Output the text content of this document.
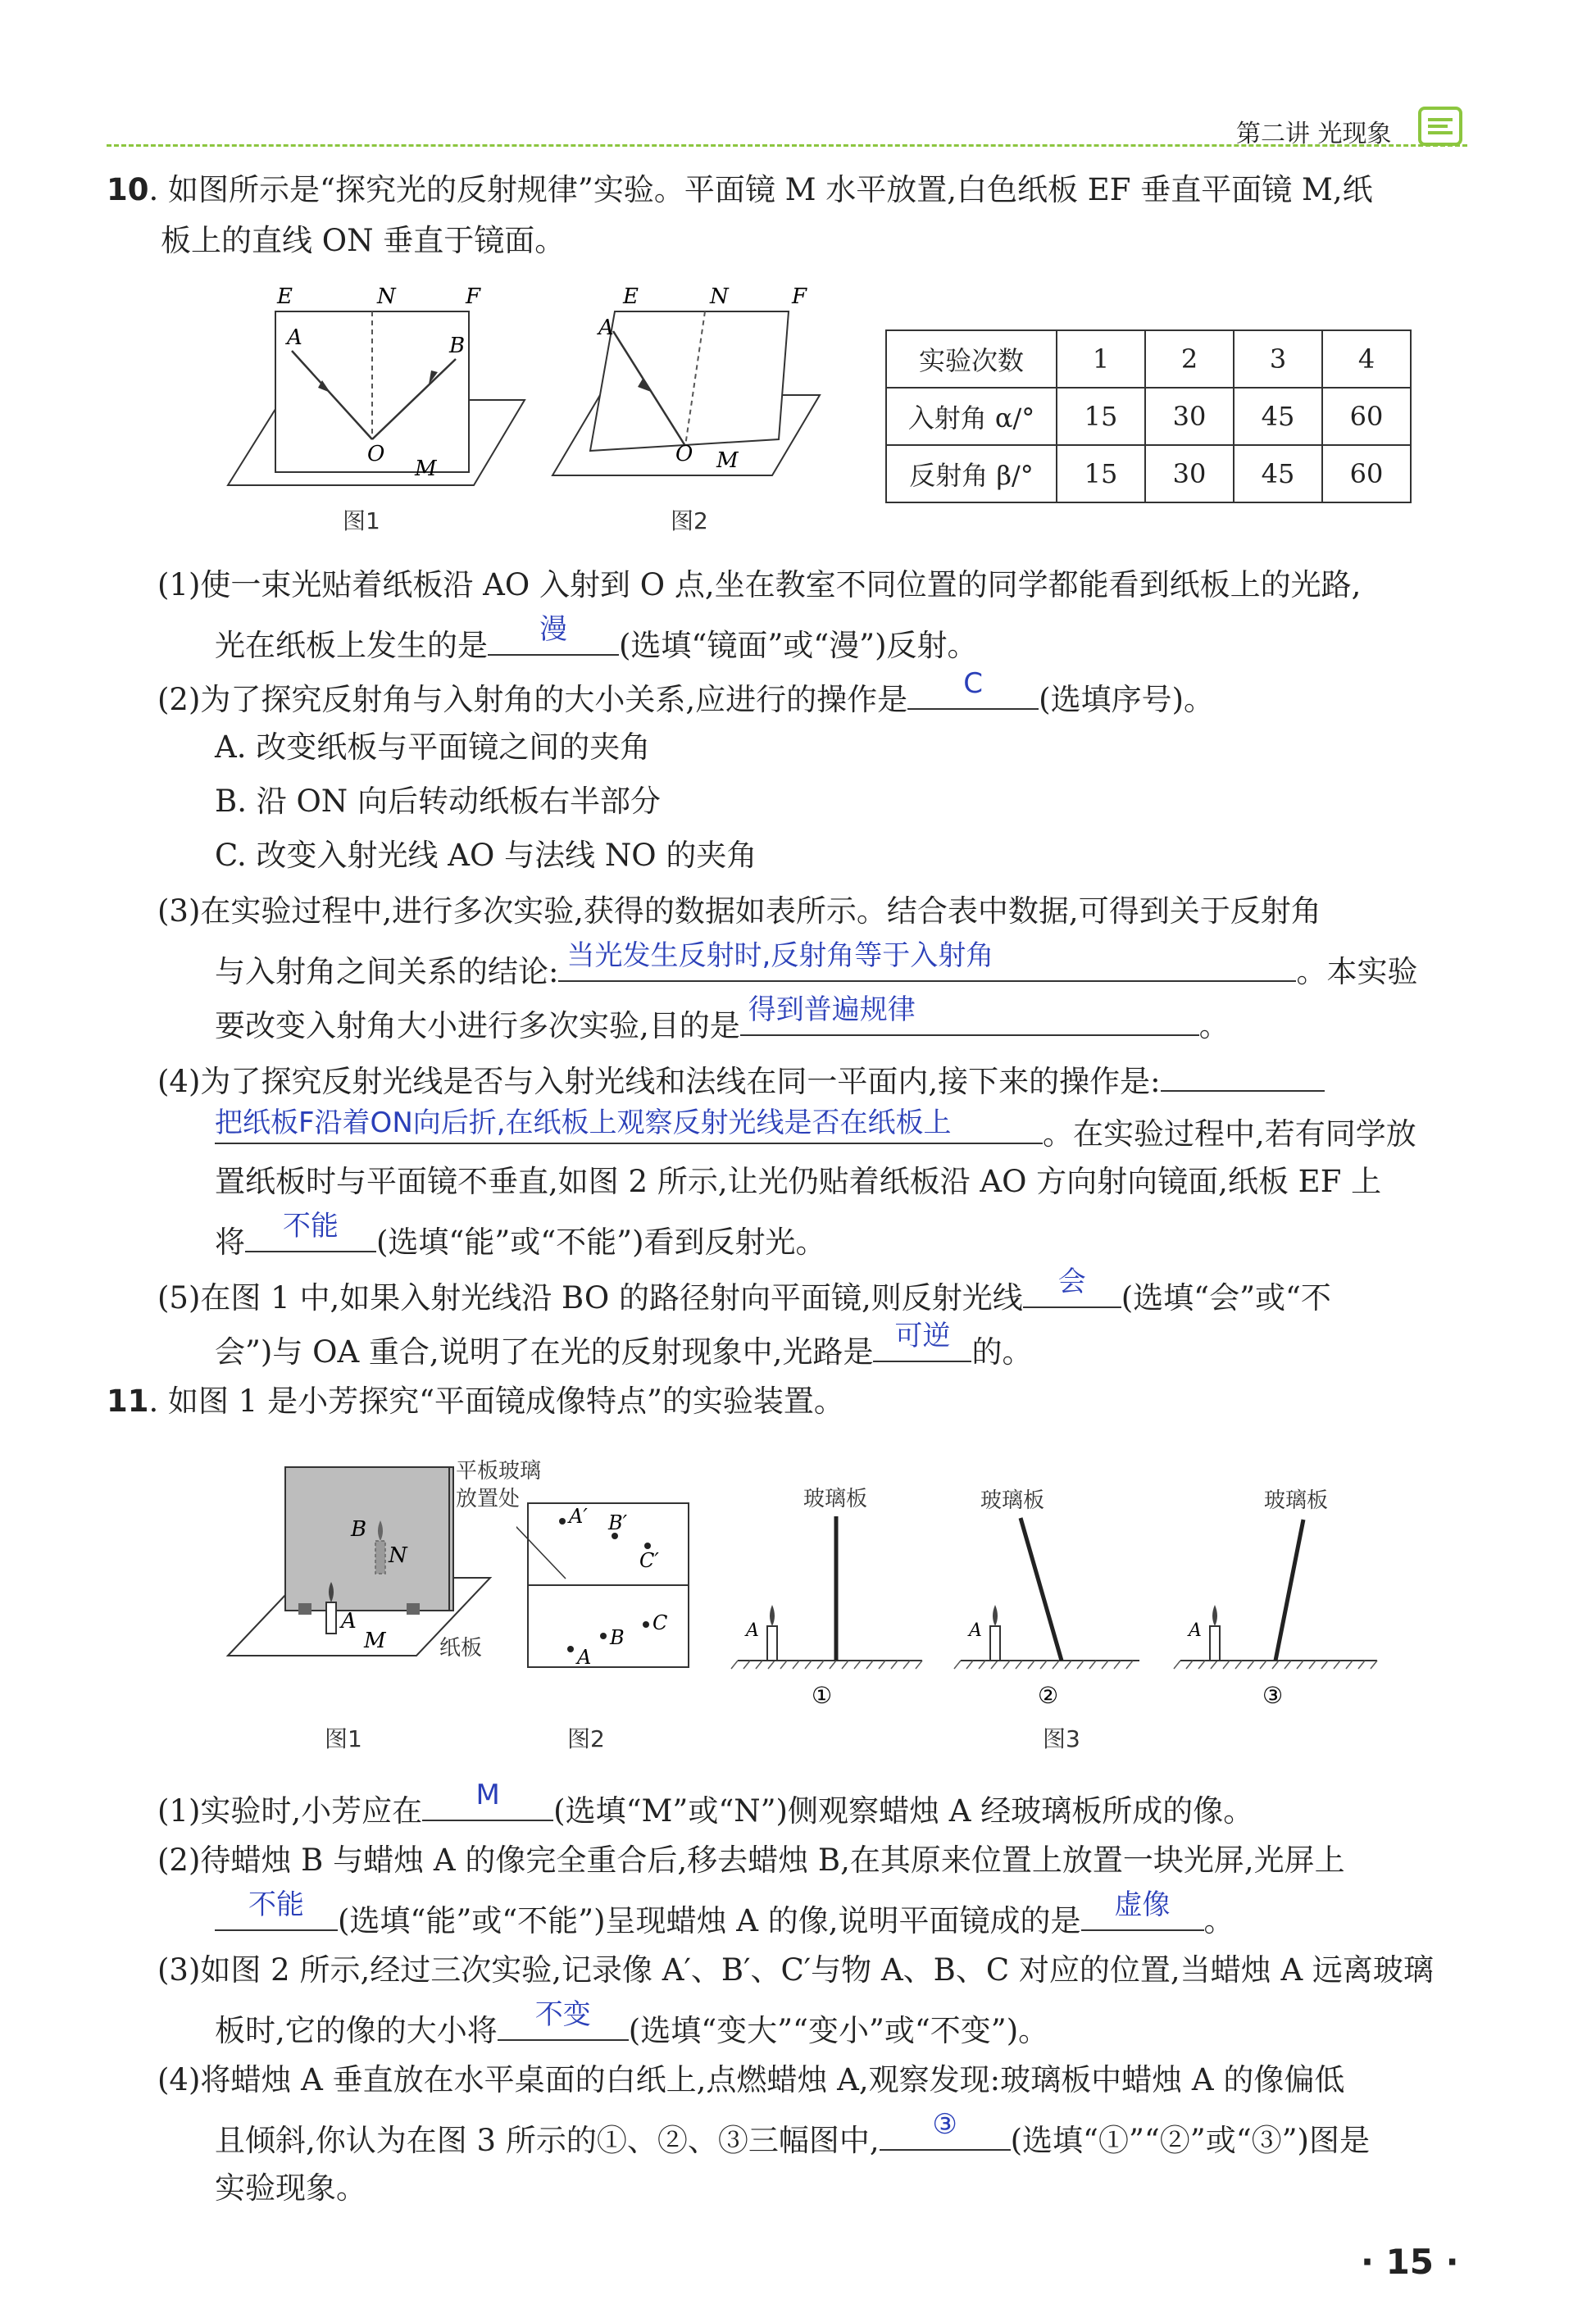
第二讲 光现象
10. 如图所示是“探究光的反射规律”实验。平面镜 M 水平放置,白色纸板 EF 垂直平面镜 M,纸
板上的直线 ON 垂直于镜面。
E	N	F
A	B
O
M
图1
E	N	F
A
O M
图2
实验次数	1	2	3	4
入射角 α/°	15	30	45	60
反射角 β/°	15	30	45	60
(1)使一束光贴着纸板沿 AO 入射到 O 点,坐在教室不同位置的同学都能看到纸板上的光路,
光在纸板上发生的是	漫	(选填“镜面”或“漫”)反射。
(2)为了探究反射角与入射角的大小关系,应进行的操作是	C	(选填序号)。
A. 改变纸板与平面镜之间的夹角
B. 沿 ON 向后转动纸板右半部分
C. 改变入射光线 AO 与法线 NO 的夹角
(3)在实验过程中,进行多次实验,获得的数据如表所示。结合表中数据,可得到关于反射角
与入射角之间关系的结论: 当光发生反射时,反射角等于入射角	。本实验
要改变入射角大小进行多次实验,目的是 得到普遍规律	。
(4)为了探究反射光线是否与入射光线和法线在同一平面内,接下来的操作是:
把纸板F沿着ON向后折,在纸板上观察反射光线是否在纸板上	。在实验过程中,若有同学放
置纸板时与平面镜不垂直,如图 2 所示,让光仍贴着纸板沿 AO 方向射向镜面,纸板 EF 上
将	不能	(选填“能”或“不能”)看到反射光。
(5)在图 1 中,如果入射光线沿 BO 的路径射向平面镜,则反射光线	会	(选填“会”或“不
会”)与 OA 重合,说明了在光的反射现象中,光路是 可逆 的。
11. 如图 1 是小芳探究“平面镜成像特点”的实验装置。
B
N
A
M
平板玻璃
放置处
纸板
图1
A′ B′
C′
C
B
A
图2
A
①
A
②
A
③
玻璃板	玻璃板	玻璃板
图3
(1)实验时,小芳应在	M	(选填“M”或“N”)侧观察蜡烛 A 经玻璃板所成的像。
(2)待蜡烛 B 与蜡烛 A 的像完全重合后,移去蜡烛 B,在其原来位置上放置一块光屏,光屏上
不能	(选填“能”或“不能”)呈现蜡烛 A 的像,说明平面镜成的是	虚像	。
(3)如图 2 所示,经过三次实验,记录像 A′、B′、C′与物 A、B、C 对应的位置,当蜡烛 A 远离玻璃
板时,它的像的大小将	不变	(选填“变大”“变小”或“不变”)。
(4)将蜡烛 A 垂直放在水平桌面的白纸上,点燃蜡烛 A,观察发现:玻璃板中蜡烛 A 的像偏低
且倾斜,你认为在图 3 所示的①、②、③三幅图中,	③	(选填“①”“②”或“③”)图是
实验现象。
· 15 ·
